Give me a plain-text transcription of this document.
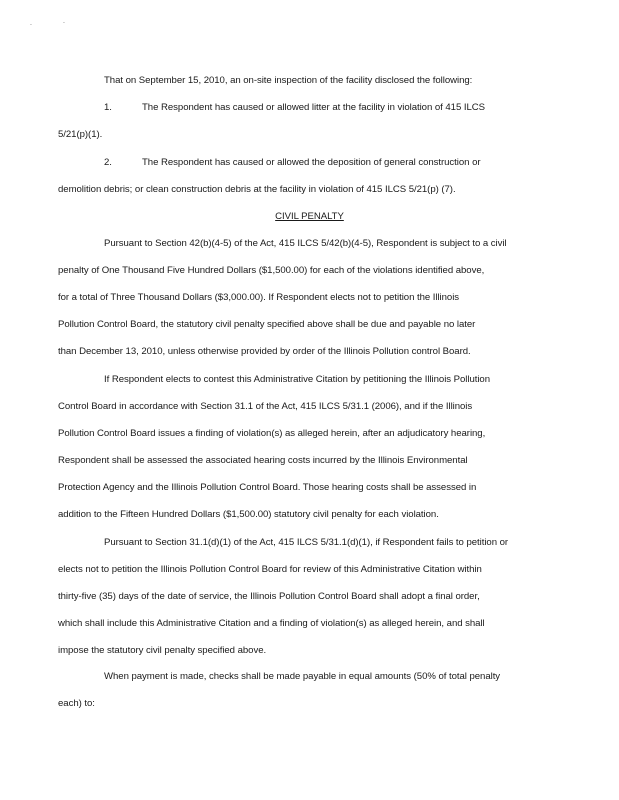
.	.
That on September 15, 2010, an on-site inspection of the facility disclosed the following:
1.	The Respondent has caused or allowed litter at the facility in violation of 415 ILCS
5/21(p)(1).
2.	The Respondent has caused or allowed the deposition of general construction or
demolition debris; or clean construction debris at the facility in violation of 415 ILCS 5/21(p) (7).
CIVIL PENALTY
Pursuant to Section 42(b)(4-5) of the Act, 415 ILCS 5/42(b)(4-5), Respondent is subject to a civil
penalty of One Thousand Five Hundred Dollars ($1,500.00) for each of the violations identified above,
for a total of Three Thousand Dollars ($3,000.00). If Respondent elects not to petition the Illinois
Pollution Control Board, the statutory civil penalty specified above shall be due and payable no later
than December 13, 2010, unless otherwise provided by order of the Illinois Pollution control Board.
If Respondent elects to contest this Administrative Citation by petitioning the Illinois Pollution
Control Board in accordance with Section 31.1 of the Act, 415 ILCS 5/31.1 (2006), and if the Illinois
Pollution Control Board issues a finding of violation(s) as alleged herein, after an adjudicatory hearing,
Respondent shall be assessed the associated hearing costs incurred by the Illinois Environmental
Protection Agency and the Illinois Pollution Control Board. Those hearing costs shall be assessed in
addition to the Fifteen Hundred Dollars ($1,500.00) statutory civil penalty for each violation.
Pursuant to Section 31.1(d)(1) of the Act, 415 ILCS 5/31.1(d)(1), if Respondent fails to petition or
elects not to petition the Illinois Pollution Control Board for review of this Administrative Citation within
thirty-five (35) days of the date of service, the Illinois Pollution Control Board shall adopt a final order,
which shall include this Administrative Citation and a finding of violation(s) as alleged herein, and shall
impose the statutory civil penalty specified above.
When payment is made, checks shall be made payable in equal amounts (50% of total penalty
each) to:
